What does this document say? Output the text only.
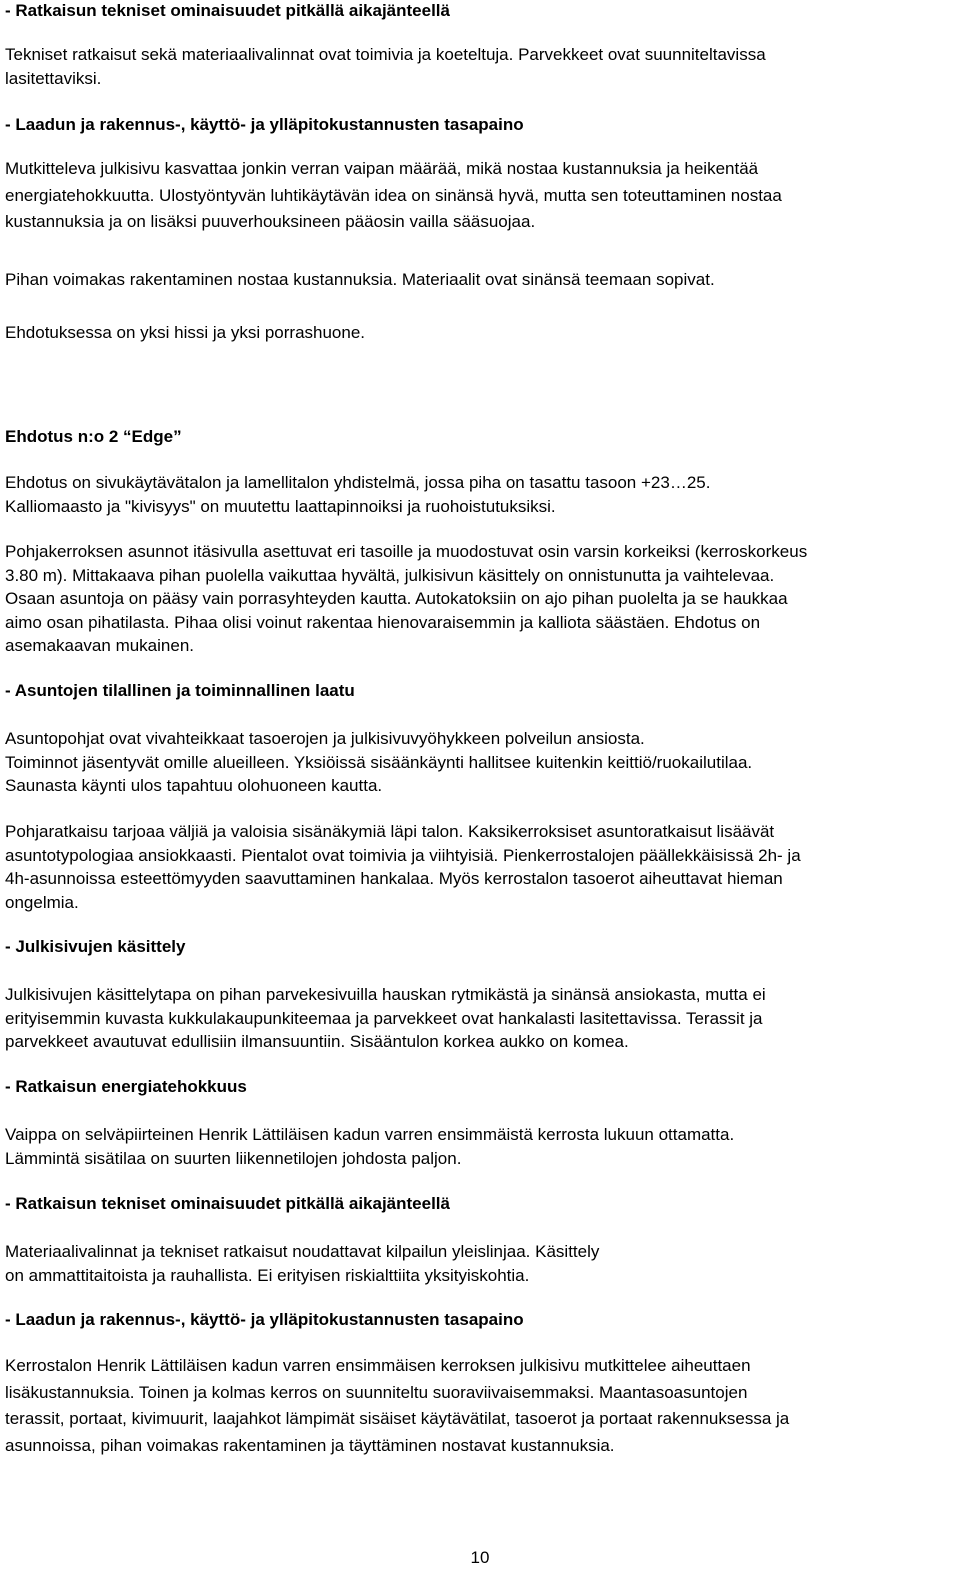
- Ratkaisun tekniset ominaisuudet pitkällä aikajänteellä
Tekniset ratkaisut sekä materiaalivalinnat ovat toimivia ja koeteltuja. Parvekkeet ovat suunniteltavissa
lasitettaviksi.
- Laadun ja rakennus-, käyttö- ja ylläpitokustannusten tasapaino
Mutkitteleva julkisivu kasvattaa jonkin verran vaipan määrää, mikä nostaa kustannuksia ja heikentää
energiatehokkuutta. Ulostyöntyvän luhtikäytävän idea on sinänsä hyvä, mutta sen toteuttaminen nostaa
kustannuksia ja on lisäksi puuverhouksineen pääosin vailla sääsuojaa.
Pihan voimakas rakentaminen nostaa kustannuksia. Materiaalit ovat sinänsä teemaan sopivat.
Ehdotuksessa on yksi hissi ja yksi porrashuone.
Ehdotus n:o 2 “Edge”
Ehdotus on sivukäytävätalon ja lamellitalon yhdistelmä, jossa piha on tasattu tasoon +23…25.
Kalliomaasto ja "kivisyys" on muutettu laattapinnoiksi ja ruohoistutuksiksi.
Pohjakerroksen asunnot itäsivulla asettuvat eri tasoille ja muodostuvat osin varsin korkeiksi (kerroskorkeus
3.80 m). Mittakaava pihan puolella vaikuttaa hyvältä, julkisivun käsittely on onnistunutta ja vaihtelevaa.
Osaan asuntoja on pääsy vain porrasyhteyden kautta. Autokatoksiin on ajo pihan puolelta ja se haukkaa
aimo osan pihatilasta. Pihaa olisi voinut rakentaa hienovaraisemmin ja kalliota säästäen. Ehdotus on
asemakaavan mukainen.
- Asuntojen tilallinen ja toiminnallinen laatu
Asuntopohjat ovat vivahteikkaat tasoerojen ja julkisivuvyöhykkeen polveilun ansiosta.
Toiminnot jäsentyvät omille alueilleen. Yksiöissä sisäänkäynti hallitsee kuitenkin keittiö/ruokailutilaa.
Saunasta käynti ulos tapahtuu olohuoneen kautta.
Pohjaratkaisu tarjoaa väljiä ja valoisia sisänäkymiä läpi talon. Kaksikerroksiset asuntoratkaisut lisäävät
asuntotypologiaa ansiokkaasti. Pientalot ovat toimivia ja viihtyisiä. Pienkerrostalojen päällekkäisissä 2h- ja
4h-asunnoissa esteettömyyden saavuttaminen hankalaa. Myös kerrostalon tasoerot aiheuttavat hieman
ongelmia.
- Julkisivujen käsittely
Julkisivujen käsittelytapa on pihan parvekesivuilla hauskan rytmikästä ja sinänsä ansiokasta, mutta ei
erityisemmin kuvasta kukkulakaupunkiteemaa ja parvekkeet ovat hankalasti lasitettavissa. Terassit ja
parvekkeet avautuvat edullisiin ilmansuuntiin. Sisääntulon korkea aukko on komea.
- Ratkaisun energiatehokkuus
Vaippa on selväpiirteinen Henrik Lättiläisen kadun varren ensimmäistä kerrosta lukuun ottamatta.
Lämmintä sisätilaa on suurten liikennetilojen johdosta paljon.
- Ratkaisun tekniset ominaisuudet pitkällä aikajänteellä
Materiaalivalinnat ja tekniset ratkaisut noudattavat kilpailun yleislinjaa. Käsittely
on ammattitaitoista ja rauhallista. Ei erityisen riskialttiita yksityiskohtia.
- Laadun ja rakennus-, käyttö- ja ylläpitokustannusten tasapaino
Kerrostalon Henrik Lättiläisen kadun varren ensimmäisen kerroksen julkisivu mutkittelee aiheuttaen
lisäkustannuksia. Toinen ja kolmas kerros on suunniteltu suoraviivaisemmaksi. Maantasoasuntojen
terassit, portaat, kivimuurit, laajahkot lämpimät sisäiset käytävätilat, tasoerot ja portaat rakennuksessa ja
asunnoissa, pihan voimakas rakentaminen ja täyttäminen nostavat kustannuksia.
10
